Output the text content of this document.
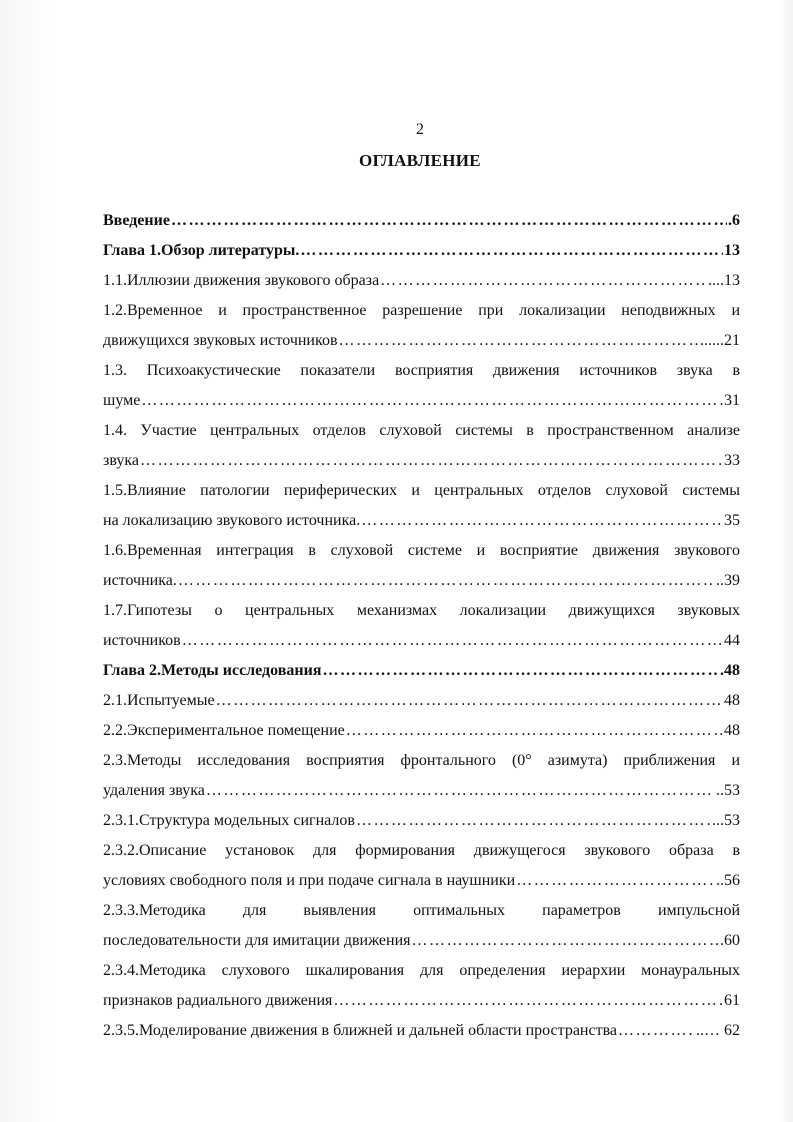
2
ОГЛАВЛЕНИЕ
Введение ………………………………………………………………………………………………………………………………………………………………………………………………	.6
Глава 1.Обзор литературы. ………………………………………………………………………………………………………………………………………………………………………………………………	13
1.1.Иллюзии движения звукового образа ………………………………………………………………………………………………………………………………………………………………………………………………	....13
1.2.Временное и пространственное разрешение при локализации неподвижных и
движущихся звуковых источников ………………………………………………………………………………………………………………………………………………………………………………………………	.....21
1.3. Психоакустические показатели восприятия движения источников звука в
шуме ………………………………………………………………………………………………………………………………………………………………………………………………	31
1.4. Участие центральных отделов слуховой системы в пространственном анализе
звука ………………………………………………………………………………………………………………………………………………………………………………………………	33
1.5.Влияние патологии периферических и центральных отделов слуховой системы
на локализацию звукового источника. ………………………………………………………………………………………………………………………………………………………………………………………………	35
1.6.Временная интеграция в слуховой системе и восприятие движения звукового
источника. ………………………………………………………………………………………………………………………………………………………………………………………………	..39
1.7.Гипотезы о центральных механизмах локализации движущихся звуковых
источников ………………………………………………………………………………………………………………………………………………………………………………………………	44
Глава 2.Методы исследования ………………………………………………………………………………………………………………………………………………………………………………………………	.48
2.1.Испытуемые ………………………………………………………………………………………………………………………………………………………………………………………………	48
2.2.Экспериментальное помещение ………………………………………………………………………………………………………………………………………………………………………………………………	48
2.3.Методы исследования восприятия фронтального (0° азимута) приближения и
удаления звука ………………………………………………………………………………………………………………………………………………………………………………………………	..53
2.3.1.Структура модельных сигналов ………………………………………………………………………………………………………………………………………………………………………………………………	..53
2.3.2.Описание установок для формирования движущегося звукового образа в
условиях свободного поля и при подаче сигнала в наушники ………………………………………………………………………………………………………………………………………………………………………………………………	..56
2.3.3.Методика для выявления оптимальных параметров импульсной
последовательности для имитации движения ………………………………………………………………………………………………………………………………………………………………………………………………	.60
2.3.4.Методика слухового шкалирования для определения иерархии монауральных
признаков радиального движения ………………………………………………………………………………………………………………………………………………………………………………………………	61
2.3.5.Моделирование движения в ближней и дальней области пространства ………………………………………………………………………………………………………………………………………………………………………………………………	..… 62
